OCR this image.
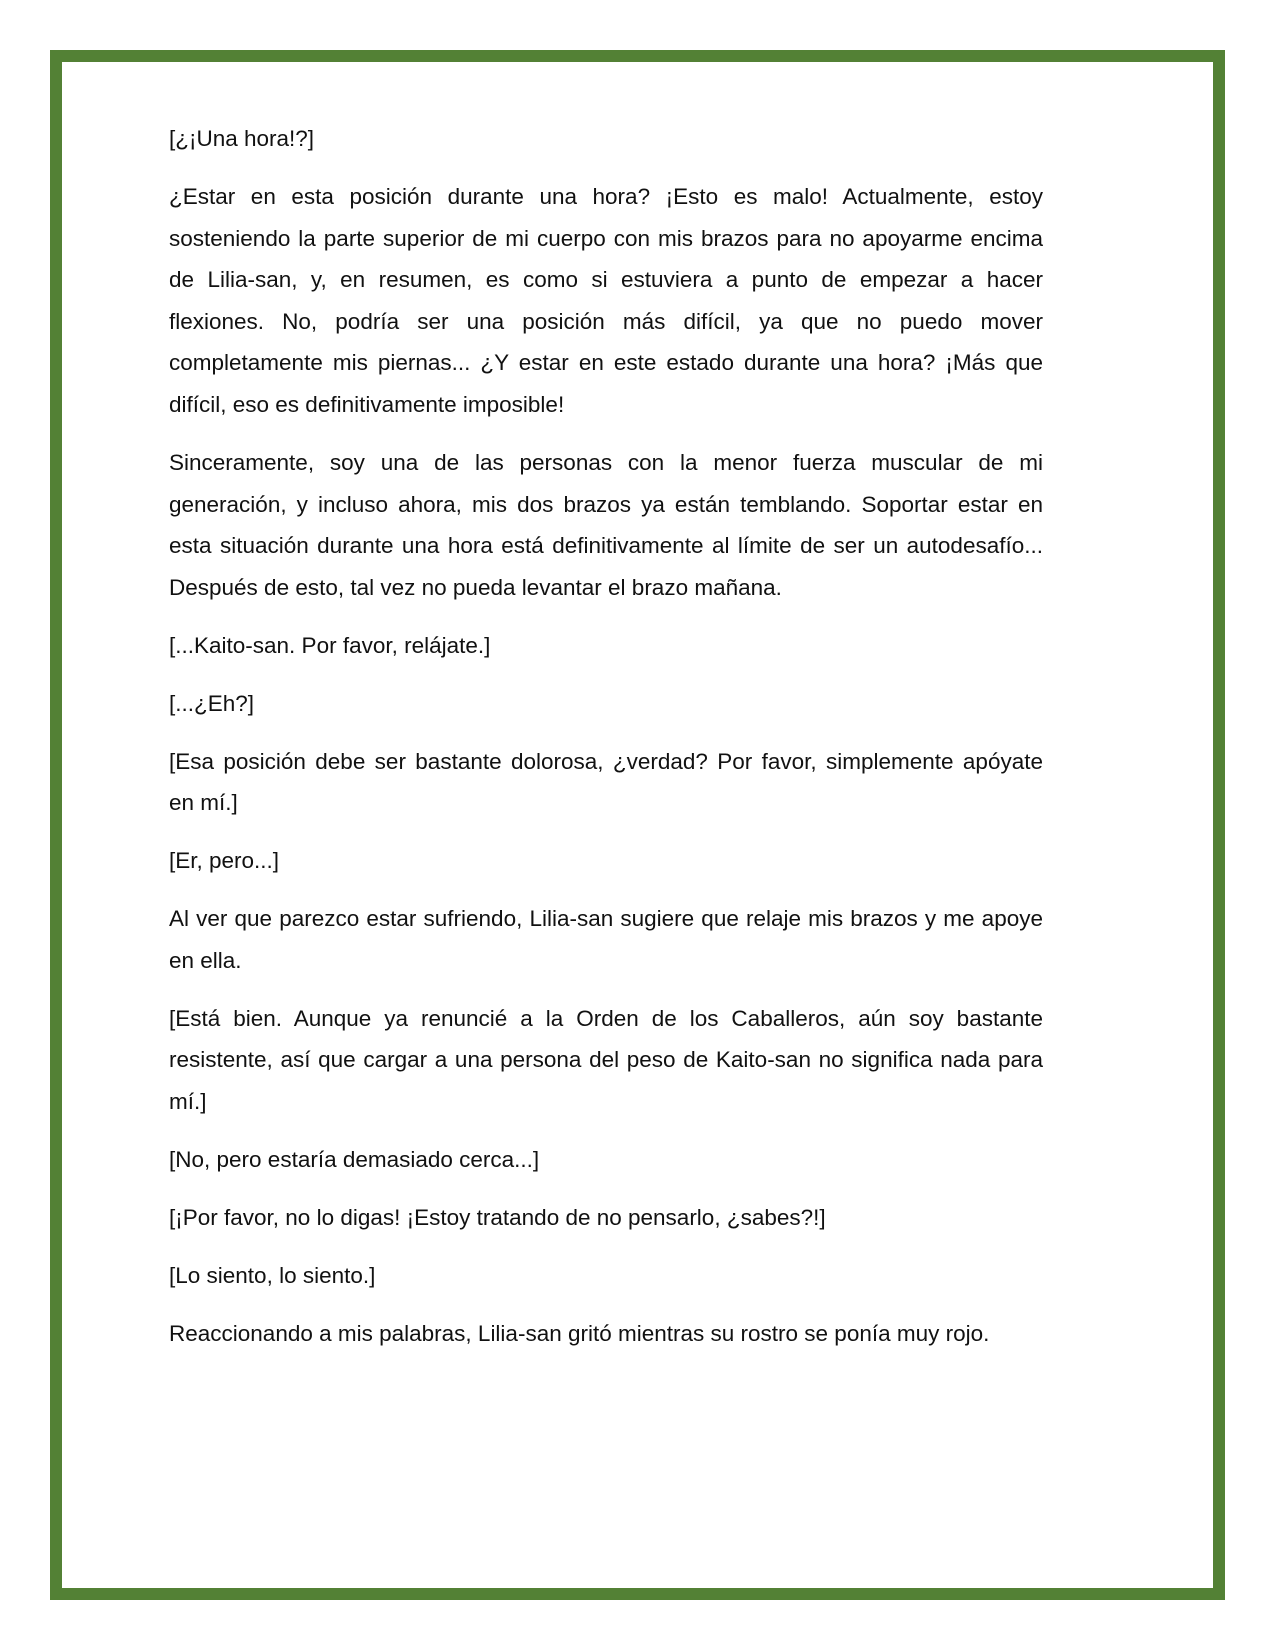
[¿¡Una hora!?]

¿Estar en esta posición durante una hora? ¡Esto es malo! Actualmente, estoy sosteniendo la parte superior de mi cuerpo con mis brazos para no apoyarme encima de Lilia-san, y, en resumen, es como si estuviera a punto de empezar a hacer flexiones. No, podría ser una posición más difícil, ya que no puedo mover completamente mis piernas... ¿Y estar en este estado durante una hora? ¡Más que difícil, eso es definitivamente imposible!

Sinceramente, soy una de las personas con la menor fuerza muscular de mi generación, y incluso ahora, mis dos brazos ya están temblando. Soportar estar en esta situación durante una hora está definitivamente al límite de ser un autodesafío... Después de esto, tal vez no pueda levantar el brazo mañana.

[...Kaito-san. Por favor, relájate.]

[...¿Eh?]

[Esa posición debe ser bastante dolorosa, ¿verdad? Por favor, simplemente apóyate en mí.]

[Er, pero...]

Al ver que parezco estar sufriendo, Lilia-san sugiere que relaje mis brazos y me apoye en ella.

[Está bien. Aunque ya renuncié a la Orden de los Caballeros, aún soy bastante resistente, así que cargar a una persona del peso de Kaito-san no significa nada para mí.]

[No, pero estaría demasiado cerca...]

[¡Por favor, no lo digas! ¡Estoy tratando de no pensarlo, ¿sabes?!]

[Lo siento, lo siento.]

Reaccionando a mis palabras, Lilia-san gritó mientras su rostro se ponía muy rojo.
